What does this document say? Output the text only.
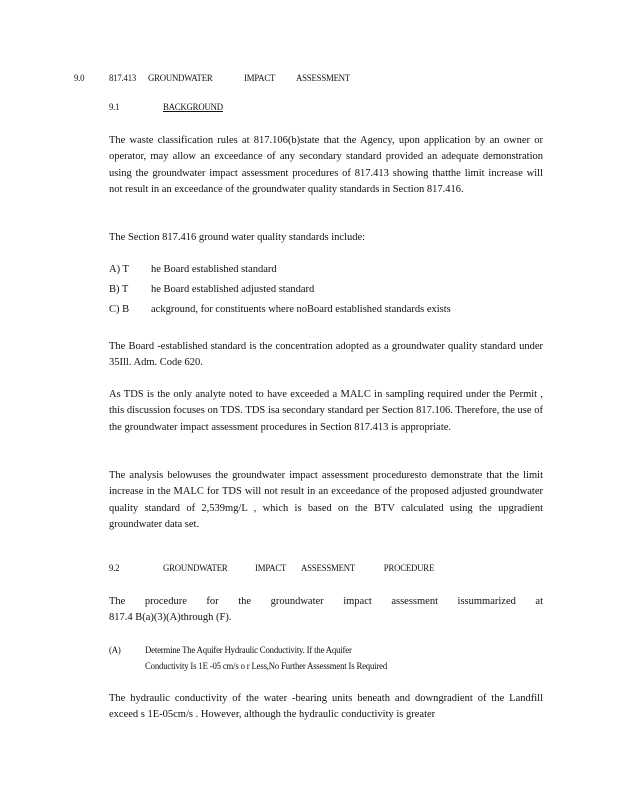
9.0	817.413 GROUNDWATER	IMPACT ASSESSMENT
9.1	BACKGROUND
The waste classification rules at 817.106(b)state that the Agency, upon application by an owner or operator, may allow an exceedance of any secondary standard provided an adequate demonstration using the groundwater impact assessment procedures of 817.413 showing thatthe limit increase will not result in an exceedance of the groundwater quality standards in Section 817.416.
The Section 817.416 ground water quality standards include:
A) T he Board established standard
B) T he Board established adjusted standard
C) B ackground, for constituents where noBoard established standards exists
The Board -established standard is the concentration adopted as a groundwater quality standard under 35Ill. Adm. Code 620.
As TDS is the only analyte noted to have exceeded a MALC in sampling required under the Permit , this discussion focuses on TDS. TDS isa secondary standard per Section 817.106. Therefore, the use of the groundwater impact assessment procedures in Section 817.413 is appropriate.
The analysis belowuses the groundwater impact assessment proceduresto demonstrate that the limit increase in the MALC for TDS will not result in an exceedance of the proposed adjusted groundwater quality standard of 2,539mg/L , which is based on the BTV calculated using the upgradient groundwater data set.
9.2	GROUNDWATER	IMPACT ASSESSMENT	PROCEDURE
The procedure for the groundwater impact assessment issummarized at
817.4 B(a)(3)(A)through (F).
(A)	Determine The Aquifer Hydraulic Conductivity. If the Aquifer
Conductivity Is 1E -05 cm/s o r Less,No Further Assessment Is Required
The hydraulic conductivity of the water -bearing units beneath and downgradient of the Landfill exceed s 1E-05cm/s . However, although the hydraulic conductivity is greater
